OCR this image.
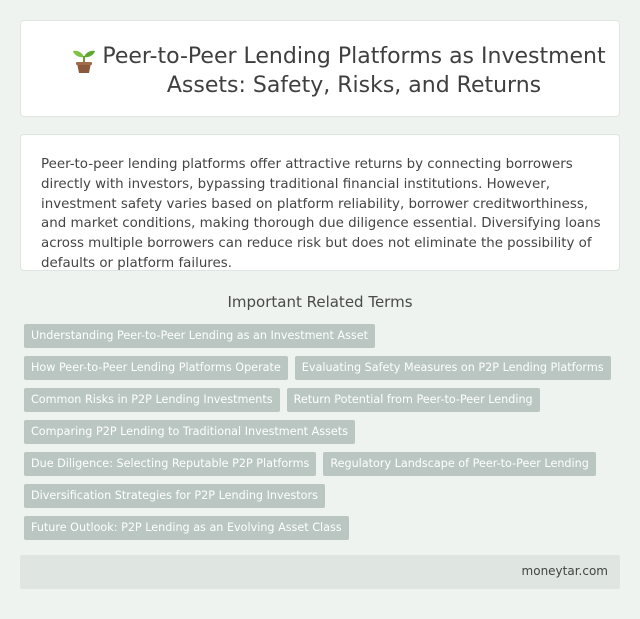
Peer-to-Peer Lending Platforms as Investment Assets: Safety, Risks, and Returns

Peer-to-peer lending platforms offer attractive returns by connecting borrowers directly with investors, bypassing traditional financial institutions. However, investment safety varies based on platform reliability, borrower creditworthiness, and market conditions, making thorough due diligence essential. Diversifying loans across multiple borrowers can reduce risk but does not eliminate the possibility of defaults or platform failures.

Important Related Terms
Understanding Peer-to-Peer Lending as an Investment Asset
How Peer-to-Peer Lending Platforms Operate	Evaluating Safety Measures on P2P Lending Platforms
Common Risks in P2P Lending Investments	Return Potential from Peer-to-Peer Lending
Comparing P2P Lending to Traditional Investment Assets
Due Diligence: Selecting Reputable P2P Platforms	Regulatory Landscape of Peer-to-Peer Lending
Diversification Strategies for P2P Lending Investors
Future Outlook: P2P Lending as an Evolving Asset Class
moneytar.com
